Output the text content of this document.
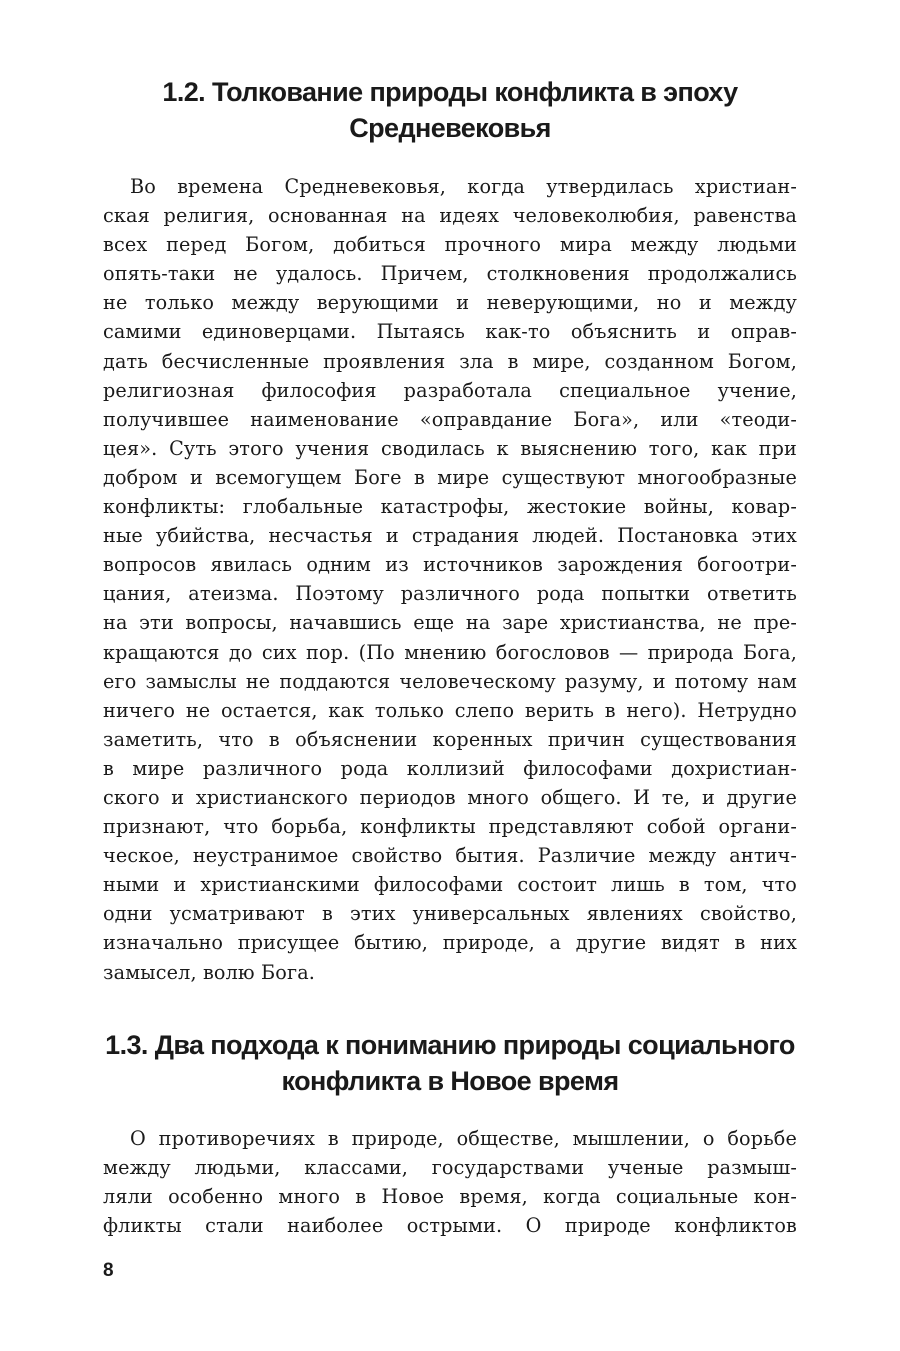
1.2. Толкование природы конфликта в эпоху
Средневековья
Во времена Средневековья, когда утвердилась христиан-
ская религия, основанная на идеях человеколюбия, равенства
всех перед Богом, добиться прочного мира между людьми
опять-таки не удалось. Причем, столкновения продолжались
не только между верующими и неверующими, но и между
самими единоверцами. Пытаясь как-то объяснить и оправ-
дать бесчисленные проявления зла в мире, созданном Богом,
религиозная философия разработала специальное учение,
получившее наименование «оправдание Бога», или «теоди-
цея». Суть этого учения сводилась к выяснению того, как при
добром и всемогущем Боге в мире существуют многообразные
конфликты: глобальные катастрофы, жестокие войны, ковар-
ные убийства, несчастья и страдания людей. Постановка этих
вопросов явилась одним из источников зарождения богоотри-
цания, атеизма. Поэтому различного рода попытки ответить
на эти вопросы, начавшись еще на заре христианства, не пре-
кращаются до сих пор. (По мнению богословов — природа Бога,
его замыслы не поддаются человеческому разуму, и потому нам
ничего не остается, как только слепо верить в него). Нетрудно
заметить, что в объяснении коренных причин существования
в мире различного рода коллизий философами дохристиан-
ского и христианского периодов много общего. И те, и другие
признают, что борьба, конфликты представляют собой органи-
ческое, неустранимое свойство бытия. Различие между антич-
ными и христианскими философами состоит лишь в том, что
одни усматривают в этих универсальных явлениях свойство,
изначально присущее бытию, природе, а другие видят в них
замысел, волю Бога.
1.3. Два подхода к пониманию природы социального
конфликта в Новое время
О противоречиях в природе, обществе, мышлении, о борьбе
между людьми, классами, государствами ученые размыш-
ляли особенно много в Новое время, когда социальные кон-
фликты стали наиболее острыми. О природе конфликтов
8
